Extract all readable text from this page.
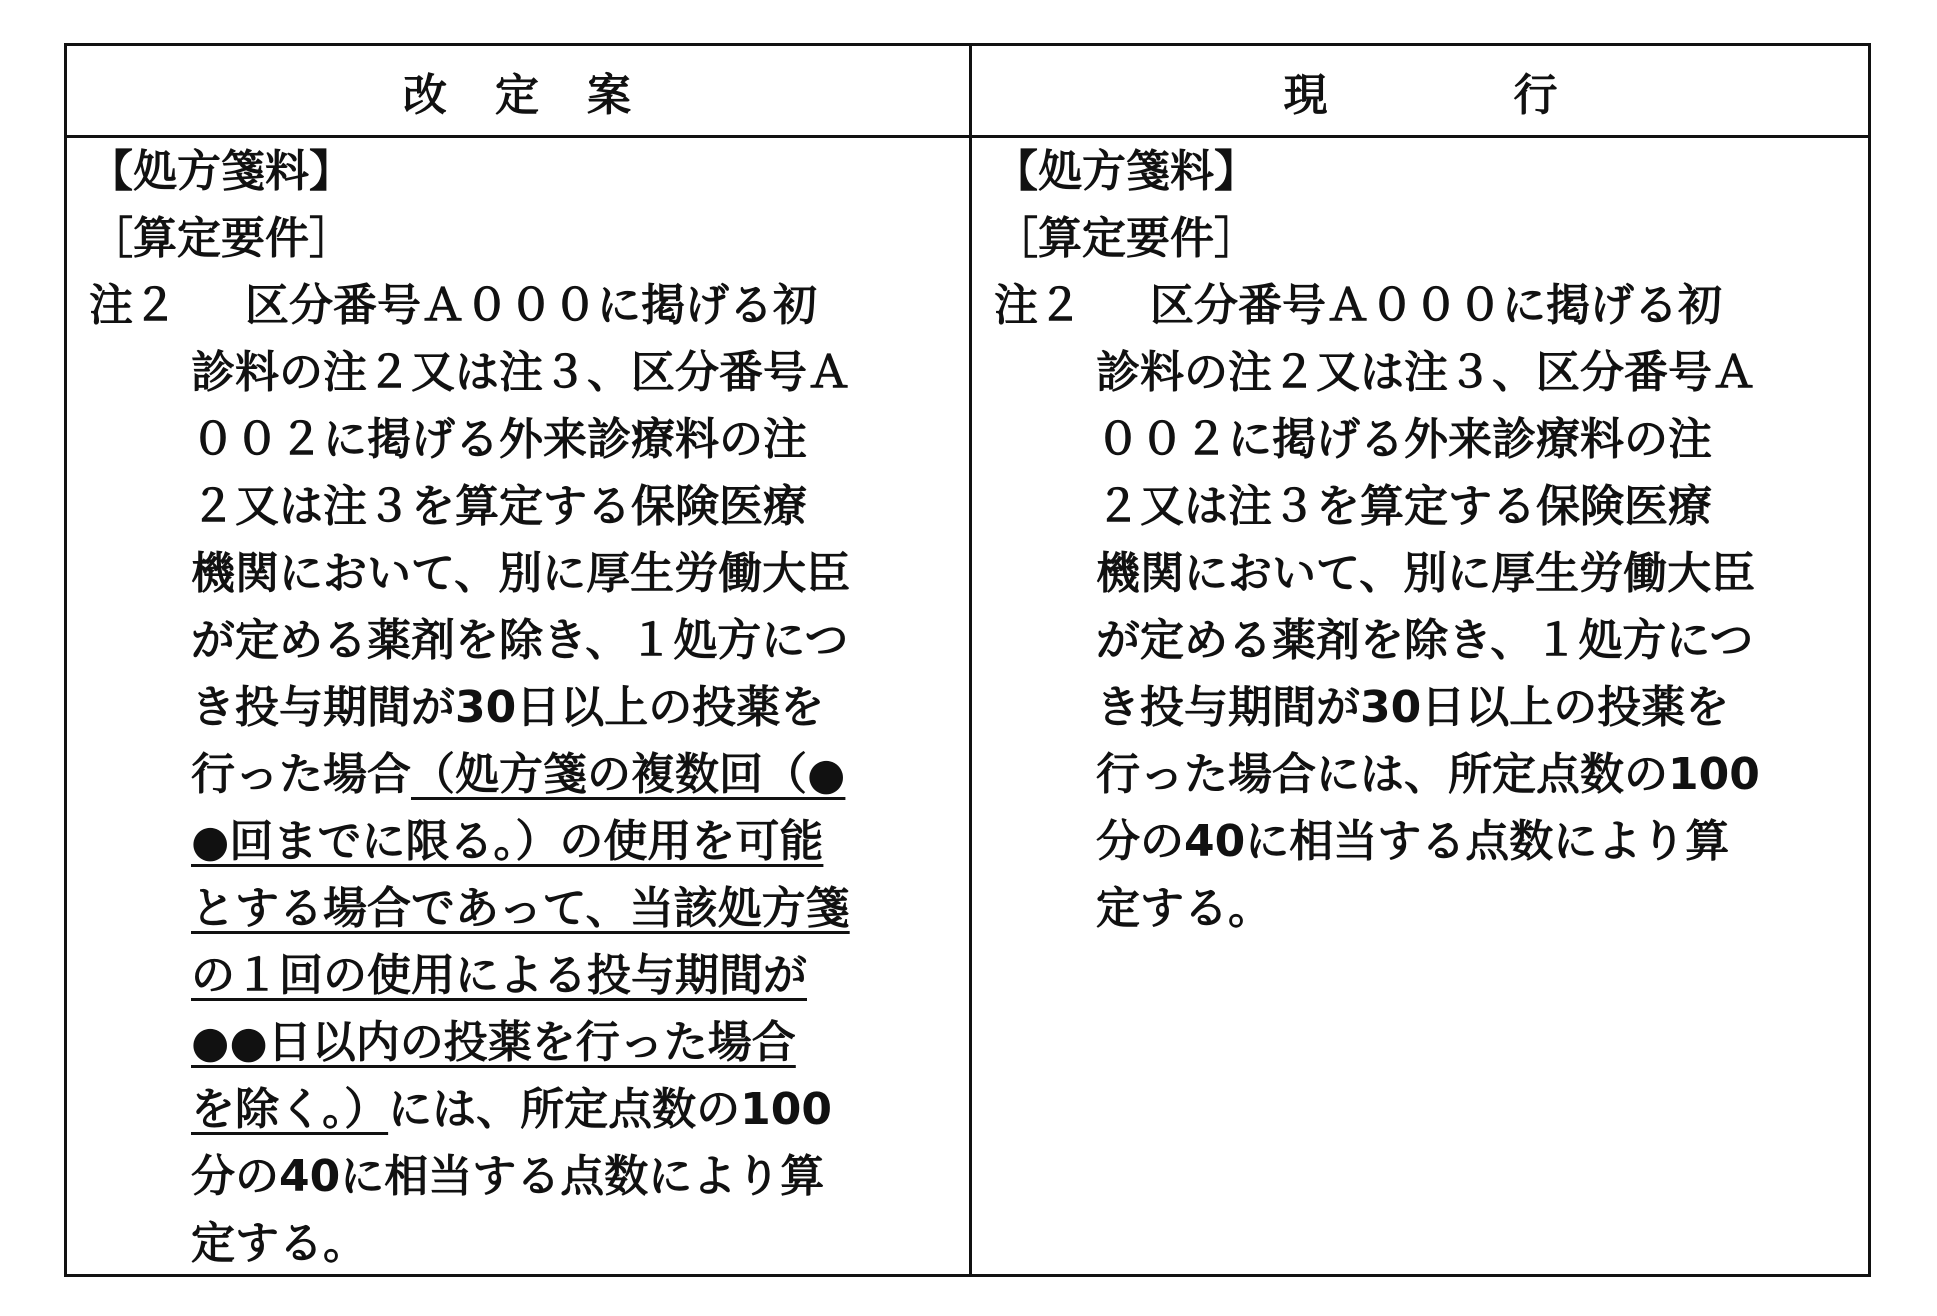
改　定　案	現　　　　行
【処方箋料】
［算定要件］
注２ 区分番号Ａ０００に掲げる初
診料の注２又は注３、区分番号Ａ
００２に掲げる外来診療料の注
２又は注３を算定する保険医療
機関において、別に厚生労働大臣
が定める薬剤を除き、１処方につ
き投与期間が30日以上の投薬を
行った場合（処方箋の複数回（●
●回までに限る。）の使用を可能
とする場合であって、当該処方箋
の１回の使用による投与期間が
●●日以内の投薬を行った場合
を除く。）には、所定点数の100
分の40に相当する点数により算
定する。
【処方箋料】
［算定要件］
注２ 区分番号Ａ０００に掲げる初
診料の注２又は注３、区分番号Ａ
００２に掲げる外来診療料の注
２又は注３を算定する保険医療
機関において、別に厚生労働大臣
が定める薬剤を除き、１処方につ
き投与期間が30日以上の投薬を
行った場合には、所定点数の100
分の40に相当する点数により算
定する。
